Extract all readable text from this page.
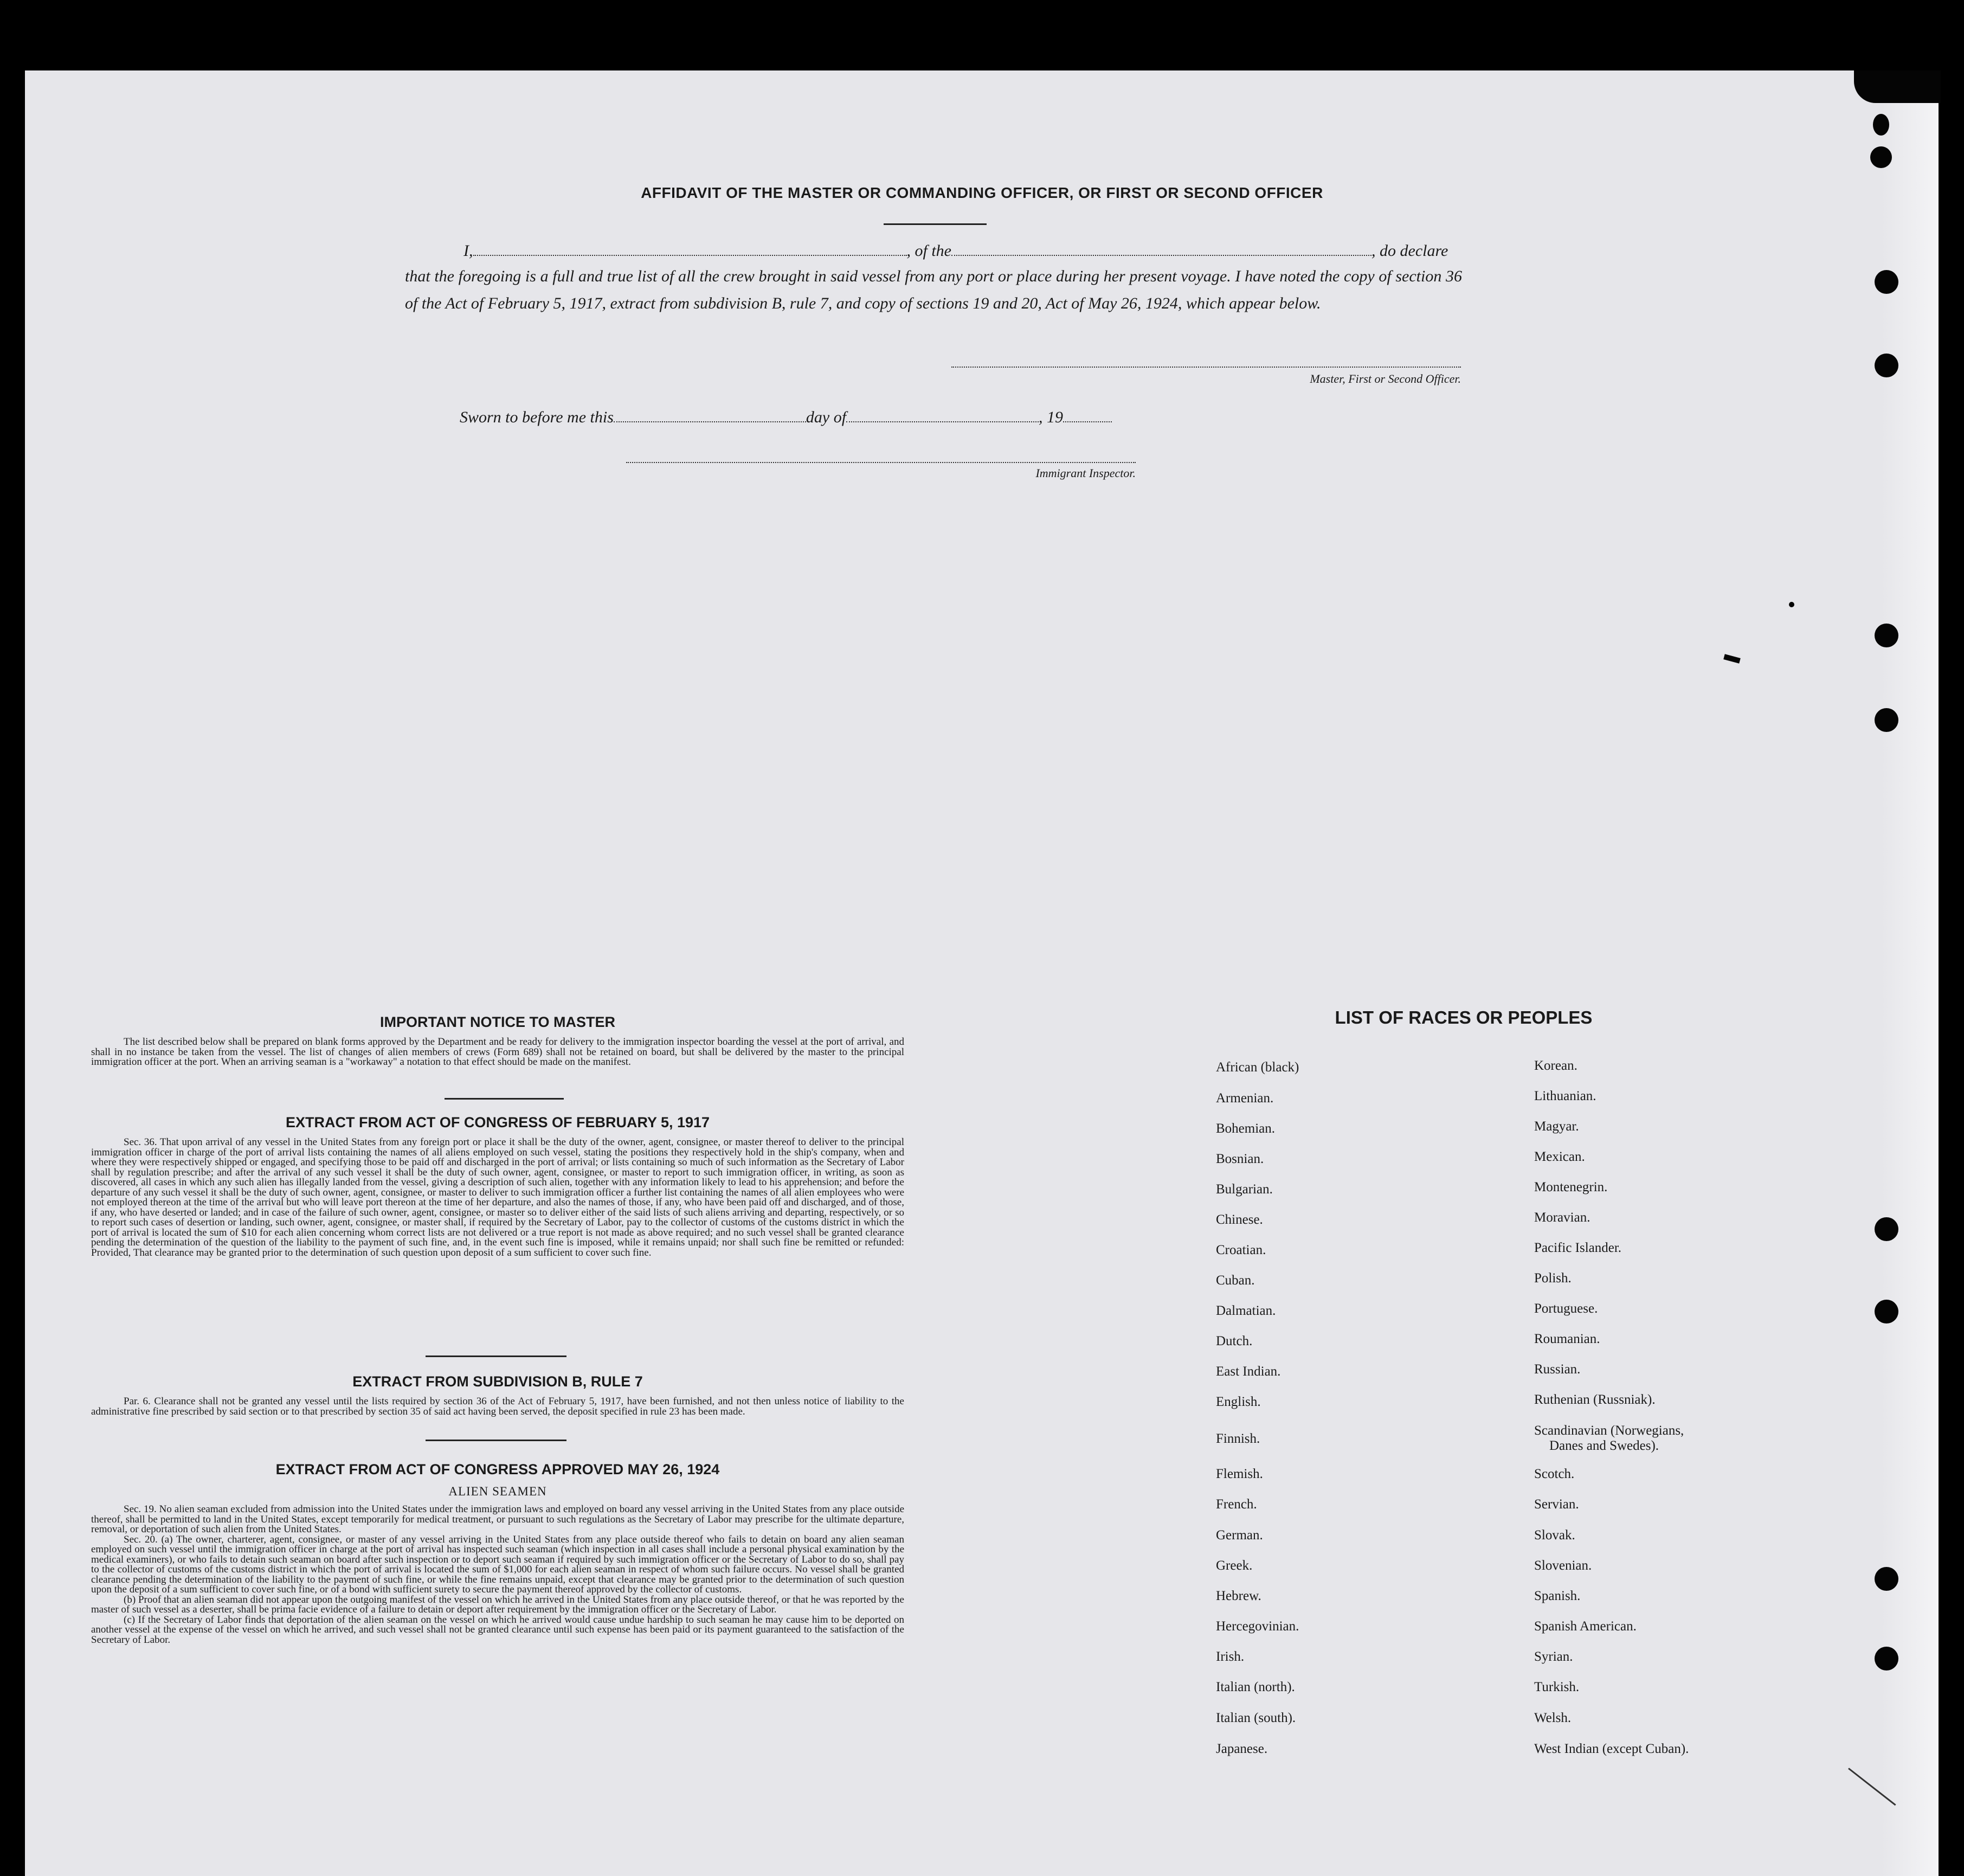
AFFIDAVIT OF THE MASTER OR COMMANDING OFFICER, OR FIRST OR SECOND OFFICER
I,	, of the	, do declare
that the foregoing is a full and true list of all the crew brought in said vessel from any port or place during her present voyage. I have noted the copy of section 36 of the Act of February 5, 1917, extract from subdivision B, rule 7, and copy of sections 19 and 20, Act of May 26, 1924, which appear below.
Master, First or Second Officer.
Sworn to before me this	day of	, 19
Immigrant Inspector.
IMPORTANT NOTICE TO MASTER

The list described below shall be prepared on blank forms approved by the Department and be ready for delivery to the immigration inspector boarding the vessel at the port of arrival, and shall in no instance be taken from the vessel. The list of changes of alien members of crews (Form 689) shall not be retained on board, but shall be delivered by the master to the principal immigration officer at the port. When an arriving seaman is a "workaway" a notation to that effect should be made on the manifest.

EXTRACT FROM ACT OF CONGRESS OF FEBRUARY 5, 1917

Sec. 36. That upon arrival of any vessel in the United States from any foreign port or place it shall be the duty of the owner, agent, consignee, or master thereof to deliver to the principal immigration officer in charge of the port of arrival lists containing the names of all aliens employed on such vessel, stating the positions they respectively hold in the ship's company, when and where they were respectively shipped or engaged, and specifying those to be paid off and discharged in the port of arrival; or lists containing so much of such information as the Secretary of Labor shall by regulation prescribe; and after the arrival of any such vessel it shall be the duty of such owner, agent, consignee, or master to report to such immigration officer, in writing, as soon as discovered, all cases in which any such alien has illegally landed from the vessel, giving a description of such alien, together with any information likely to lead to his apprehension; and before the departure of any such vessel it shall be the duty of such owner, agent, consignee, or master to deliver to such immigration officer a further list containing the names of all alien employees who were not employed thereon at the time of the arrival but who will leave port thereon at the time of her departure, and also the names of those, if any, who have been paid off and discharged, and of those, if any, who have deserted or landed; and in case of the failure of such owner, agent, consignee, or master so to deliver either of the said lists of such aliens arriving and departing, respectively, or so to report such cases of desertion or landing, such owner, agent, consignee, or master shall, if required by the Secretary of Labor, pay to the collector of customs of the customs district in which the port of arrival is located the sum of $10 for each alien concerning whom correct lists are not delivered or a true report is not made as above required; and no such vessel shall be granted clearance pending the determination of the question of the liability to the payment of such fine, and, in the event such fine is imposed, while it remains unpaid; nor shall such fine be remitted or refunded: Provided, That clearance may be granted prior to the determination of such question upon deposit of a sum sufficient to cover such fine.

EXTRACT FROM SUBDIVISION B, RULE 7

Par. 6. Clearance shall not be granted any vessel until the lists required by section 36 of the Act of February 5, 1917, have been furnished, and not then unless notice of liability to the administrative fine prescribed by said section or to that prescribed by section 35 of said act having been served, the deposit specified in rule 23 has been made.

EXTRACT FROM ACT OF CONGRESS APPROVED MAY 26, 1924
ALIEN SEAMEN

Sec. 19. No alien seaman excluded from admission into the United States under the immigration laws and employed on board any vessel arriving in the United States from any place outside thereof, shall be permitted to land in the United States, except temporarily for medical treatment, or pursuant to such regulations as the Secretary of Labor may prescribe for the ultimate departure, removal, or deportation of such alien from the United States.

Sec. 20. (a) The owner, charterer, agent, consignee, or master of any vessel arriving in the United States from any place outside thereof who fails to detain on board any alien seaman employed on such vessel until the immigration officer in charge at the port of arrival has inspected such seaman (which inspection in all cases shall include a personal physical examination by the medical examiners), or who fails to detain such seaman on board after such inspection or to deport such seaman if required by such immigration officer or the Secretary of Labor to do so, shall pay to the collector of customs of the customs district in which the port of arrival is located the sum of $1,000 for each alien seaman in respect of whom such failure occurs. No vessel shall be granted clearance pending the determination of the liability to the payment of such fine, or while the fine remains unpaid, except that clearance may be granted prior to the determination of such question upon the deposit of a sum sufficient to cover such fine, or of a bond with sufficient surety to secure the payment thereof approved by the collector of customs.

(b) Proof that an alien seaman did not appear upon the outgoing manifest of the vessel on which he arrived in the United States from any place outside thereof, or that he was reported by the master of such vessel as a deserter, shall be prima facie evidence of a failure to detain or deport after requirement by the immigration officer or the Secretary of Labor.

(c) If the Secretary of Labor finds that deportation of the alien seaman on the vessel on which he arrived would cause undue hardship to such seaman he may cause him to be deported on another vessel at the expense of the vessel on which he arrived, and such vessel shall not be granted clearance until such expense has been paid or its payment guaranteed to the satisfaction of the Secretary of Labor.

LIST OF RACES OR PEOPLES
African (black)
Armenian.
Bohemian.
Bosnian.
Bulgarian.
Chinese.
Croatian.
Cuban.
Dalmatian.
Dutch.
East Indian.
English.
Finnish.
Flemish.
French.
German.
Greek.
Hebrew.
Hercegovinian.
Irish.
Italian (north).
Italian (south).
Japanese.
Korean.
Lithuanian.
Magyar.
Mexican.
Montenegrin.
Moravian.
Pacific Islander.
Polish.
Portuguese.
Roumanian.
Russian.
Ruthenian (Russniak).
Scandinavian (Norwegians,
Danes and Swedes).
Scotch.
Servian.
Slovak.
Slovenian.
Spanish.
Spanish American.
Syrian.
Turkish.
Welsh.
West Indian (except Cuban).
